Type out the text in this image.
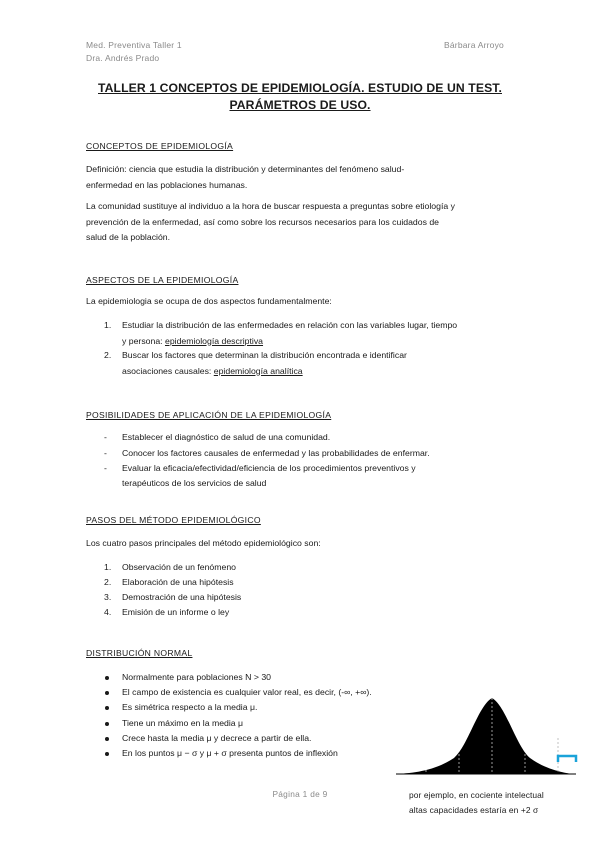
Med. Preventiva Taller 1
Dra. Andrés Prado
Bárbara Arroyo
TALLER 1 CONCEPTOS DE EPIDEMIOLOGÍA. ESTUDIO DE UN TEST.
PARÁMETROS DE USO.
CONCEPTOS DE EPIDEMIOLOGÍA
Definición: ciencia que estudia la distribución y determinantes del fenómeno salud-
enfermedad en las poblaciones humanas.
La comunidad sustituye al individuo a la hora de buscar respuesta a preguntas sobre etiología y
prevención de la enfermedad, así como sobre los recursos necesarios para los cuidados de
salud de la población.
ASPECTOS DE LA EPIDEMIOLOGÍA
La epidemiologia se ocupa de dos aspectos fundamentalmente:
1.	Estudiar la distribución de las enfermedades en relación con las variables lugar, tiempo
y persona: epidemiología descriptiva
2.	Buscar los factores que determinan la distribución encontrada e identificar
asociaciones causales: epidemiología analítica
POSIBILIDADES DE APLICACIÓN DE LA EPIDEMIOLOGÍA
- Establecer el diagnóstico de salud de una comunidad.
- Conocer los factores causales de enfermedad y las probabilidades de enfermar.
- Evaluar la eficacia/efectividad/eficiencia de los procedimientos preventivos y
terapéuticos de los servicios de salud
PASOS DEL MÉTODO EPIDEMIOLÓGICO
Los cuatro pasos principales del método epidemiológico son:
1.	Observación de un fenómeno
2.	Elaboración de una hipótesis
3.	Demostración de una hipótesis
4.	Emisión de un informe o ley
DISTRIBUCIÓN NORMAL
Normalmente para poblaciones N > 30
El campo de existencia es cualquier valor real, es decir, (-∞, +∞).
Es simétrica respecto a la media μ.
Tiene un máximo en la media μ
Crece hasta la media μ y decrece a partir de ella.
En los puntos μ − σ y μ + σ presenta puntos de inflexión
Página 1 de 9	por ejemplo, en cociente intelectual
altas capacidades estaría en +2 σ
